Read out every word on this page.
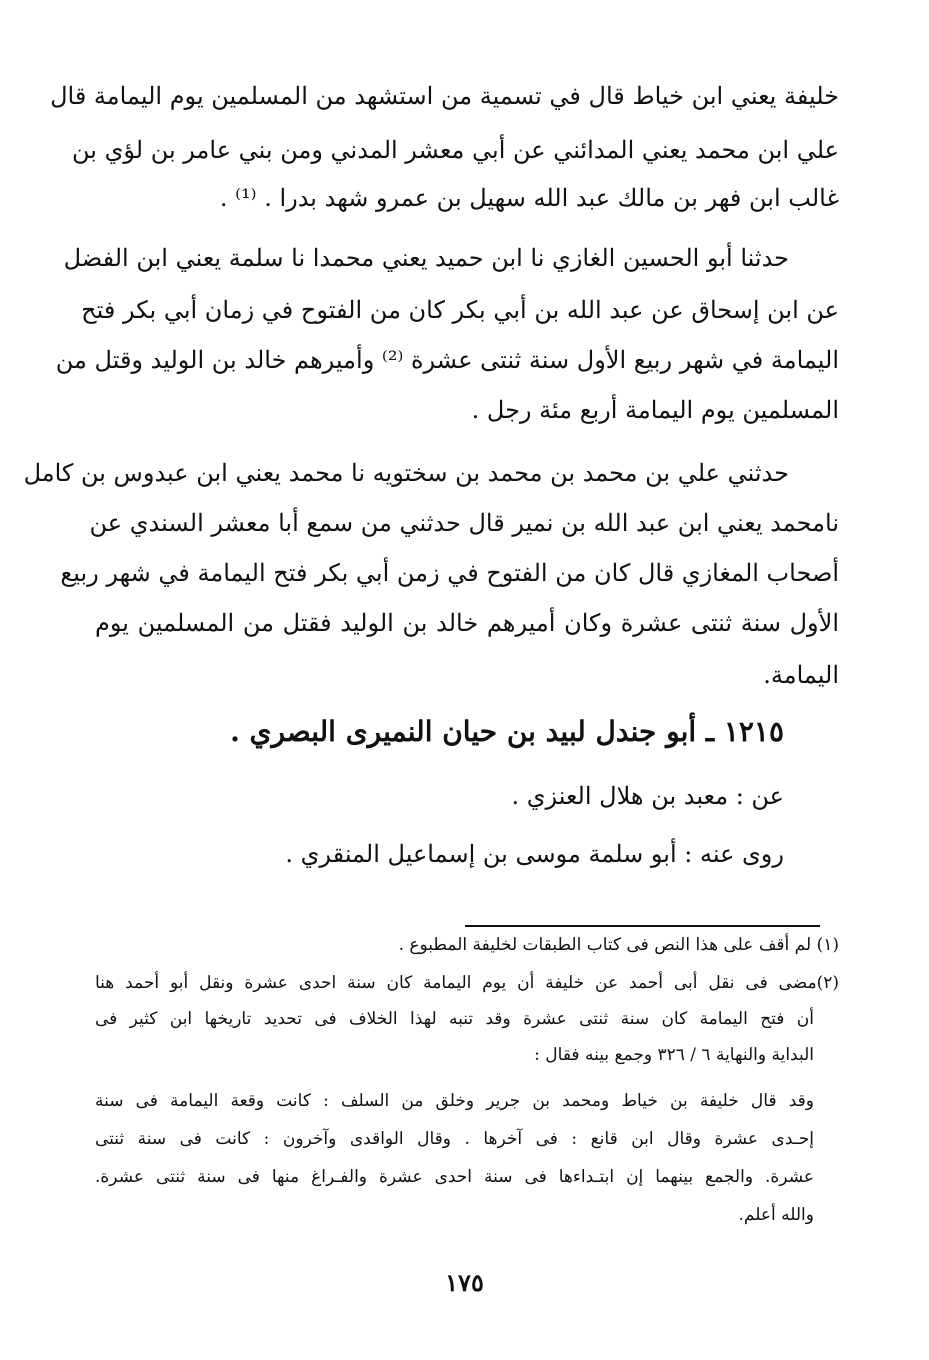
خليفة يعني ابن خياط قال في تسمية من استشهد من المسلمين يوم اليمامة قال
علي ابن محمد يعني المدائني عن أبي معشر المدني ومن بني عامر بن لؤي بن
غالب ابن فهر بن مالك عبد الله سهيل بن عمرو شهد بدرا . ⁽¹⁾ .
حدثنا أبو الحسين الغازي نا ابن حميد يعني محمدا نا سلمة يعني ابن الفضل
عن ابن إسحاق عن عبد الله بن أبي بكر كان من الفتوح في زمان أبي بكر فتح
اليمامة في شهر ربيع الأول سنة ثنتى عشرة ⁽²⁾ وأميرهم خالد بن الوليد وقتل من
المسلمين يوم اليمامة أربع مئة رجل .
حدثني علي بن محمد بن محمد بن سختويه نا محمد يعني ابن عبدوس بن كامل
نامحمد يعني ابن عبد الله بن نمير قال حدثني من سمع أبا معشر السندي عن
أصحاب المغازي قال كان من الفتوح في زمن أبي بكر فتح اليمامة في شهر ربيع
الأول سنة ثنتى عشرة وكان أميرهم خالد بن الوليد فقتل من المسلمين يوم
اليمامة.
١٢١٥ ـ أبو جندل لبيد بن حيان النميرى البصري .
عن : معبد بن هلال العنزي .
روى عنه : أبو سلمة موسى بن إسماعيل المنقري .
(١) لم أقف على هذا النص فى كتاب الطبقات لخليفة المطبوع .
(٢)مضى فى نقل أبى أحمد عن خليفة أن يوم اليمامة كان سنة احدى عشرة ونقل أبو أحمد هنا
أن فتح اليمامة كان سنة ثنتى عشرة وقد تنبه لهذا الخلاف فى تحديد تاريخها ابن كثير فى
البداية والنهاية ٦ / ٣٢٦ وجمع بينه فقال :
وقد قال خليفة بن خياط ومحمد بن جرير وخلق من السلف : كانت وقعة اليمامة فى سنة
إحـدى عشرة وقال ابن قانع : فى آخرها . وقال الواقدى وآخرون : كانت فى سنة ثنتى
عشرة. والجمع بينهما إن ابتـداءها فى سنة احدى عشرة والفـراغ منها فى سنة ثنتى عشرة.
والله أعلم.
١٧٥
